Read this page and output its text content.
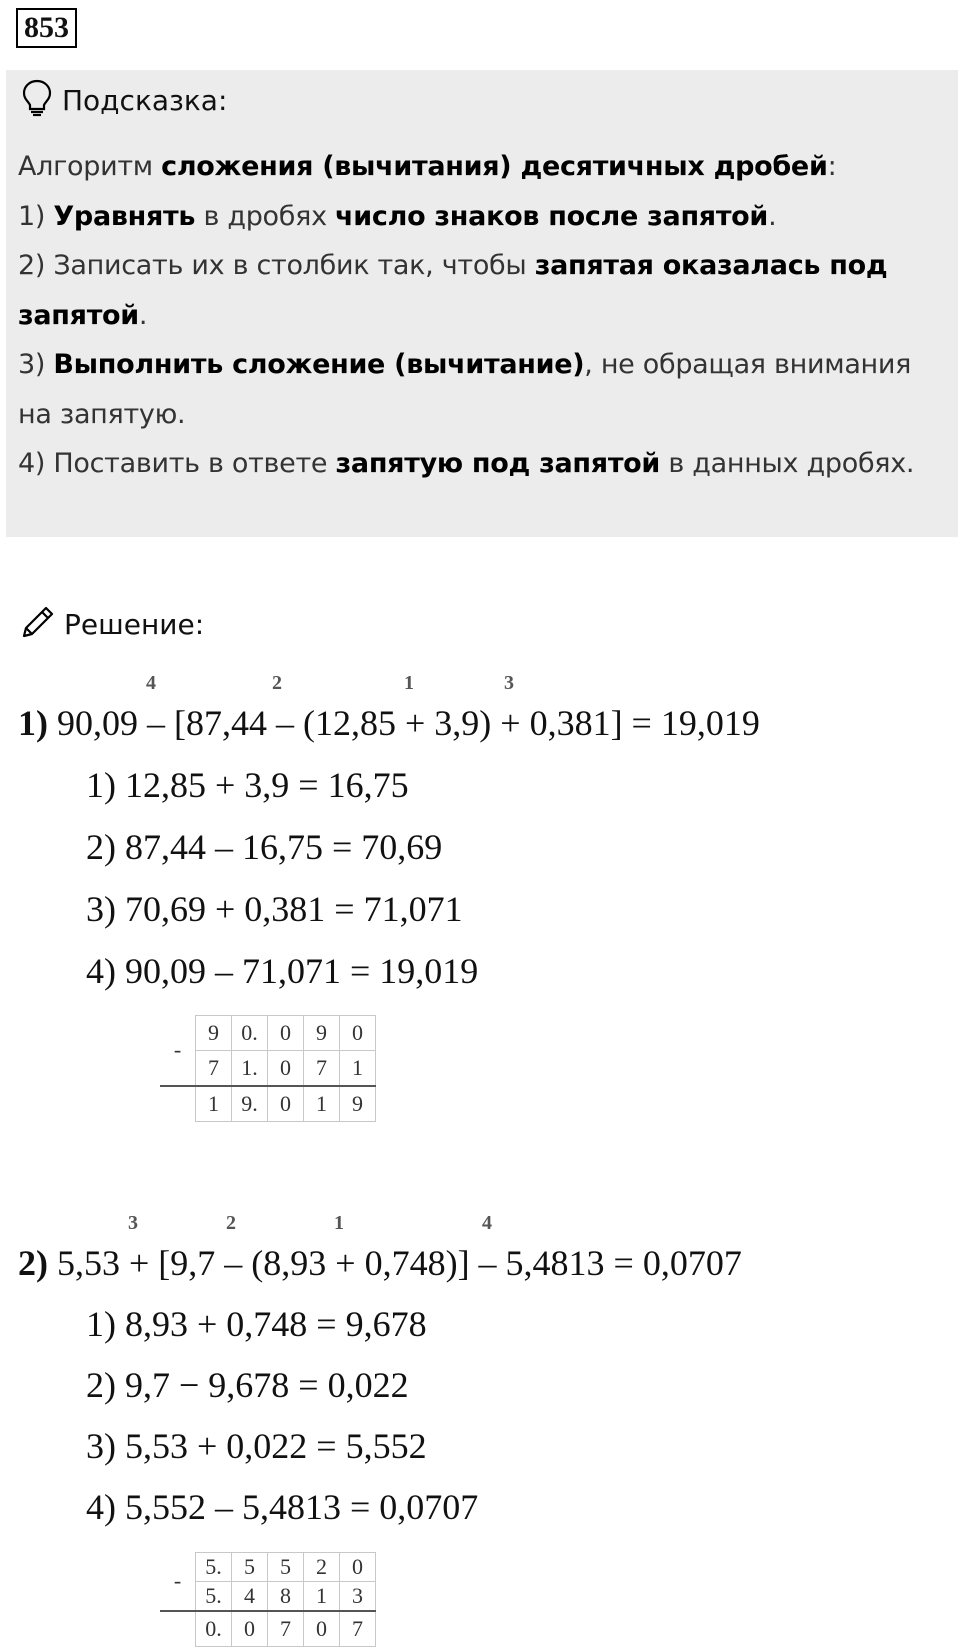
853
Подсказка:
Алгоритм сложения (вычитания) десятичных дробей:
1) Уравнять в дробях число знаков после запятой.
2) Записать их в столбик так, чтобы запятая оказалась под
запятой.
3) Выполнить сложение (вычитание), не обращая внимания
на запятую.
4) Поставить в ответе запятую под запятой в данных дробях.
Решение:
4	2	1	3
1) 90,09 – [87,44 – (12,85 + 3,9) + 0,381] = 19,019
1) 12,85 + 3,9 = 16,75
2) 87,44 – 16,75 = 70,69
3) 70,69 + 0,381 = 71,071
4) 90,09 – 71,071 = 19,019
-	9	0.	0	9	0
	7	1.	0	7	1
	1	9.	0	1	9
3	2	1	4
2) 5,53 + [9,7 – (8,93 + 0,748)] – 5,4813 = 0,0707
1) 8,93 + 0,748 = 9,678
2) 9,7 − 9,678 = 0,022
3) 5,53 + 0,022 = 5,552
4) 5,552 – 5,4813 = 0,0707
-	5.	5	5	2	0
	5.	4	8	1	3
	0.	0	7	0	7
